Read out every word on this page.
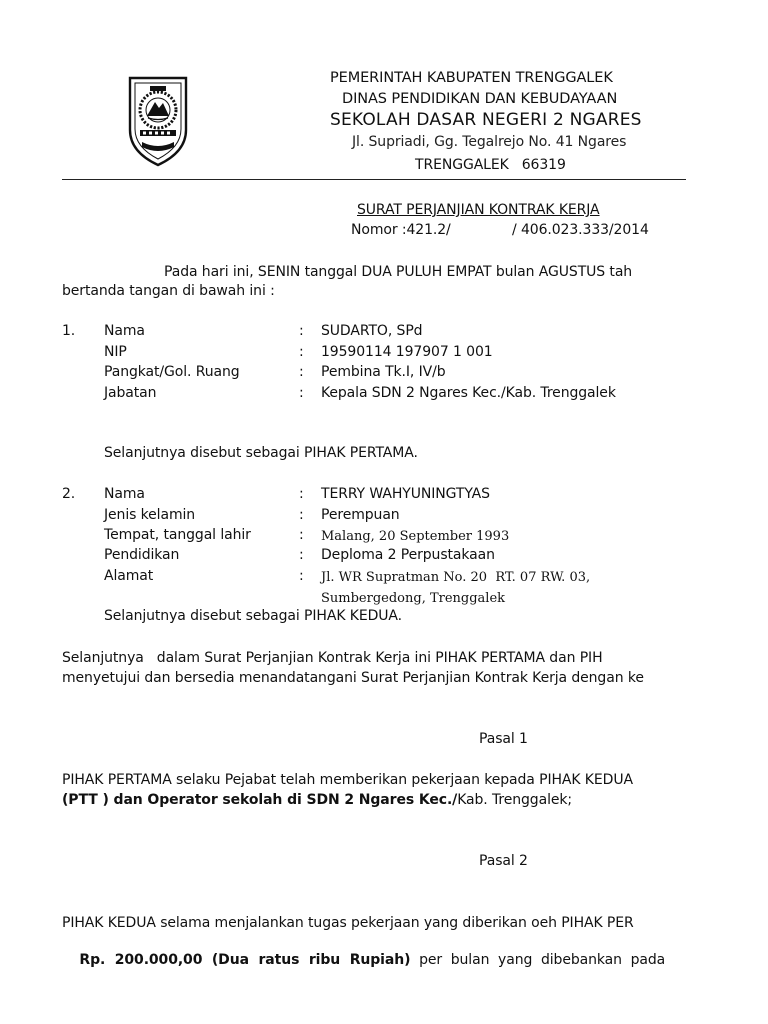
PEMERINTAH KABUPATEN TRENGGALEK
DINAS PENDIDIKAN DAN KEBUDAYAAN
SEKOLAH DASAR NEGERI 2 NGARES
Jl. Supriadi, Gg. Tegalrejo No. 41 Ngares
TRENGGALEK   66319
SURAT PERJANJIAN KONTRAK KERJA
Nomor :421.2/	/ 406.023.333/2014
Pada hari ini, SENIN tanggal DUA PULUH EMPAT bulan AGUSTUS tah
bertanda tangan di bawah ini :
1. Nama	: SUDARTO, SPd
NIP	: 19590114 197907 1 001
Pangkat/Gol. Ruang	: Pembina Tk.I, IV/b
Jabatan	: Kepala SDN 2 Ngares Kec./Kab. Trenggalek
Selanjutnya disebut sebagai PIHAK PERTAMA.
2. Nama	: TERRY WAHYUNINGTYAS
Jenis kelamin	: Perempuan
Tempat, tanggal lahir	: Malang, 20 September 1993
Pendidikan	: Deploma 2 Perpustakaan
Alamat	: Jl. WR Supratman No. 20  RT. 07 RW. 03,
Sumbergedong, Trenggalek
Selanjutnya disebut sebagai PIHAK KEDUA.
Selanjutnya   dalam Surat Perjanjian Kontrak Kerja ini PIHAK PERTAMA dan PIH
menyetujui dan bersedia menandatangani Surat Perjanjian Kontrak Kerja dengan ke
Pasal 1
PIHAK PERTAMA selaku Pejabat telah memberikan pekerjaan kepada PIHAK KEDUA
(PTT ) dan Operator sekolah di SDN 2 Ngares Kec./Kab. Trenggalek;
Pasal 2
PIHAK KEDUA selama menjalankan tugas pekerjaan yang diberikan oeh PIHAK PER

Rp.  200.000,00  (Dua  ratus  ribu  Rupiah)  per  bulan  yang  dibebankan  pada
